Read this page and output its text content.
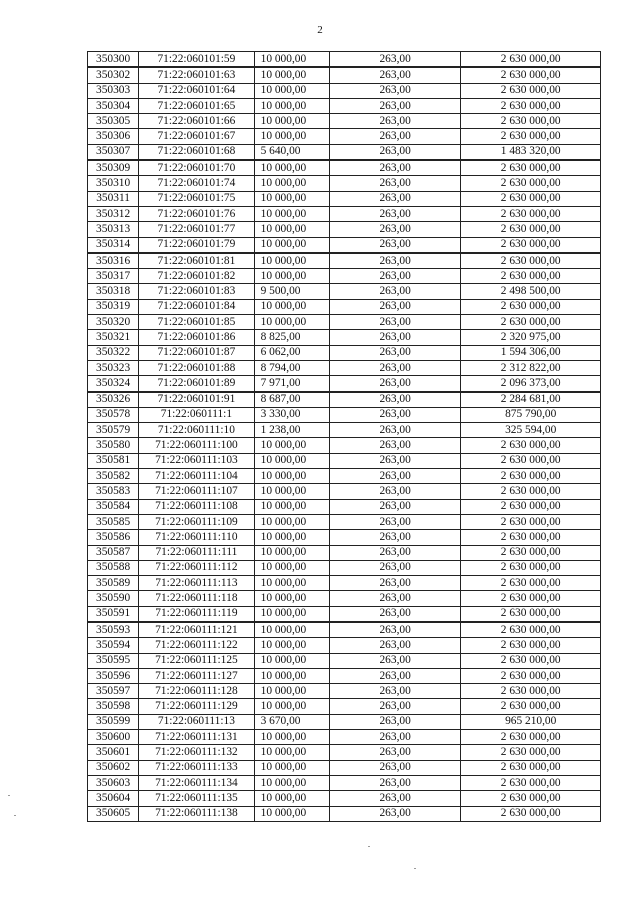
2
350300	71:22:060101:59	10 000,00	263,00	2 630 000,00
350302	71:22:060101:63	10 000,00	263,00	2 630 000,00
350303	71:22:060101:64	10 000,00	263,00	2 630 000,00
350304	71:22:060101:65	10 000,00	263,00	2 630 000,00
350305	71:22:060101:66	10 000,00	263,00	2 630 000,00
350306	71:22:060101:67	10 000,00	263,00	2 630 000,00
350307	71:22:060101:68	5 640,00	263,00	1 483 320,00
350309	71:22:060101:70	10 000,00	263,00	2 630 000,00
350310	71:22:060101:74	10 000,00	263,00	2 630 000,00
350311	71:22:060101:75	10 000,00	263,00	2 630 000,00
350312	71:22:060101:76	10 000,00	263,00	2 630 000,00
350313	71:22:060101:77	10 000,00	263,00	2 630 000,00
350314	71:22:060101:79	10 000,00	263,00	2 630 000,00
350316	71:22:060101:81	10 000,00	263,00	2 630 000,00
350317	71:22:060101:82	10 000,00	263,00	2 630 000,00
350318	71:22:060101:83	9 500,00	263,00	2 498 500,00
350319	71:22:060101:84	10 000,00	263,00	2 630 000,00
350320	71:22:060101:85	10 000,00	263,00	2 630 000,00
350321	71:22:060101:86	8 825,00	263,00	2 320 975,00
350322	71:22:060101:87	6 062,00	263,00	1 594 306,00
350323	71:22:060101:88	8 794,00	263,00	2 312 822,00
350324	71:22:060101:89	7 971,00	263,00	2 096 373,00
350326	71:22:060101:91	8 687,00	263,00	2 284 681,00
350578	71:22:060111:1	3 330,00	263,00	875 790,00
350579	71:22:060111:10	1 238,00	263,00	325 594,00
350580	71:22:060111:100	10 000,00	263,00	2 630 000,00
350581	71:22:060111:103	10 000,00	263,00	2 630 000,00
350582	71:22:060111:104	10 000,00	263,00	2 630 000,00
350583	71:22:060111:107	10 000,00	263,00	2 630 000,00
350584	71:22:060111:108	10 000,00	263,00	2 630 000,00
350585	71:22:060111:109	10 000,00	263,00	2 630 000,00
350586	71:22:060111:110	10 000,00	263,00	2 630 000,00
350587	71:22:060111:111	10 000,00	263,00	2 630 000,00
350588	71:22:060111:112	10 000,00	263,00	2 630 000,00
350589	71:22:060111:113	10 000,00	263,00	2 630 000,00
350590	71:22:060111:118	10 000,00	263,00	2 630 000,00
350591	71:22:060111:119	10 000,00	263,00	2 630 000,00
350593	71:22:060111:121	10 000,00	263,00	2 630 000,00
350594	71:22:060111:122	10 000,00	263,00	2 630 000,00
350595	71:22:060111:125	10 000,00	263,00	2 630 000,00
350596	71:22:060111:127	10 000,00	263,00	2 630 000,00
350597	71:22:060111:128	10 000,00	263,00	2 630 000,00
350598	71:22:060111:129	10 000,00	263,00	2 630 000,00
350599	71:22:060111:13	3 670,00	263,00	965 210,00
350600	71:22:060111:131	10 000,00	263,00	2 630 000,00
350601	71:22:060111:132	10 000,00	263,00	2 630 000,00
350602	71:22:060111:133	10 000,00	263,00	2 630 000,00
350603	71:22:060111:134	10 000,00	263,00	2 630 000,00
350604	71:22:060111:135	10 000,00	263,00	2 630 000,00
350605	71:22:060111:138	10 000,00	263,00	2 630 000,00
